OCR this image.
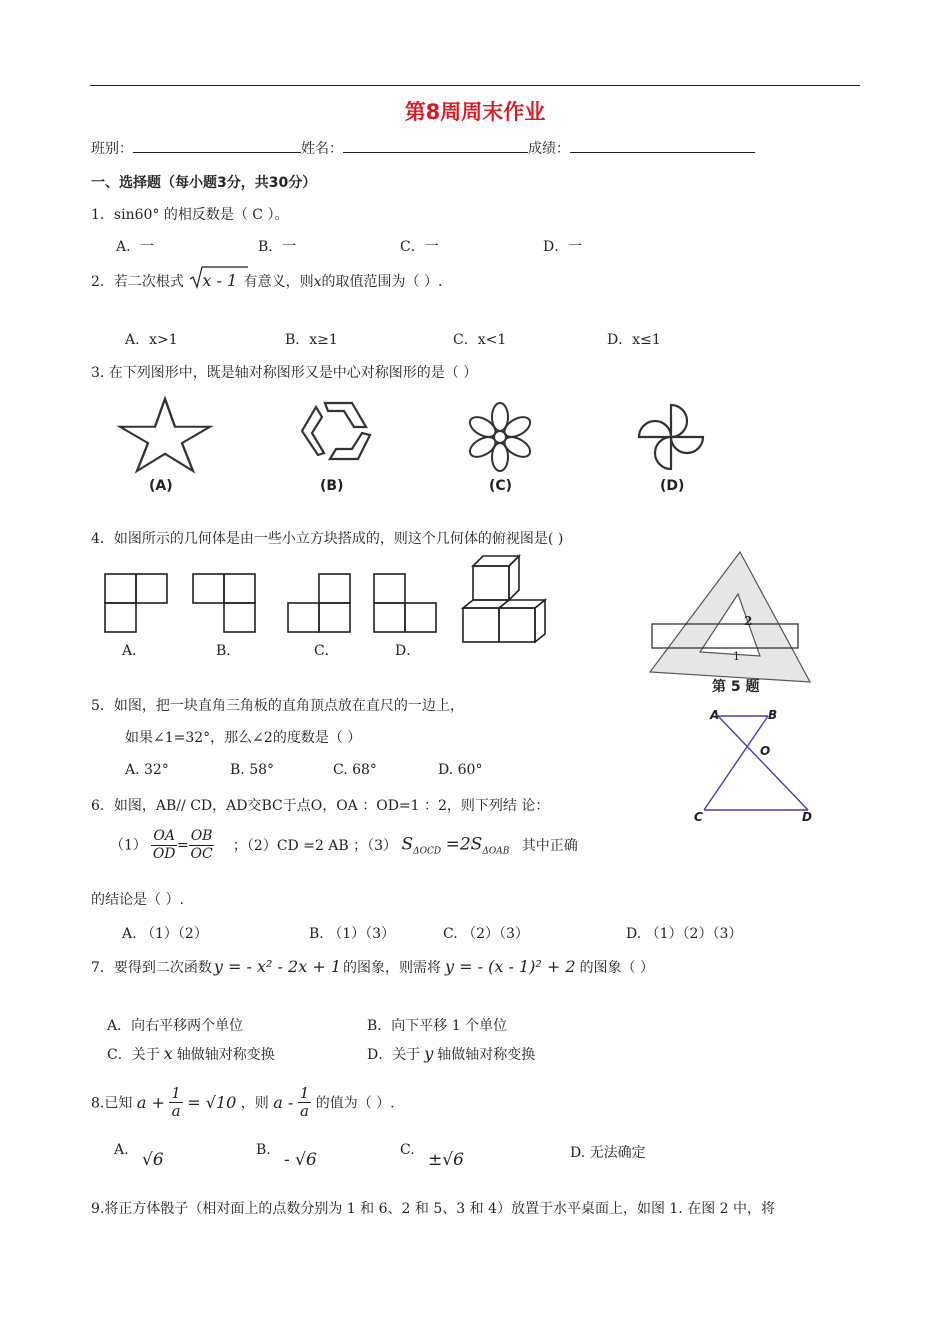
第8周周末作业
班别：	姓名：	成绩：
一、选择题（每小题3分，共30分）
1．sin60° 的相反数是（ C ）。
A．一	B．一	C．一	D．一
2．若二次根式 x - 1 有意义，则x的取值范围为（ ）.
A．x>1	B．x≥1	C．x<1	D．x≤1
3. 在下列图形中，既是轴对称图形又是中心对称图形的是（ ）
(A)	(B)	(C)	(D)
4．如图所示的几何体是由一些小立方块搭成的，则这个几何体的俯视图是( )
A．	B．	C．	D．
2
1
第 5 题
A	B
O
C	D
5．如图，把一块直角三角板的直角顶点放在直尺的一边上，
如果∠1=32°，那么∠2的度数是（ ）
A. 32°	B. 58°	C. 68°	D. 60°
6．如图，AB// CD，AD交BC于点O，OA ：OD=1 ：2，则下列结 论：
$(1) \frac{OA}{OD} = \frac{OB}{OC}$ ；（2）CD =2 AB ；（3） $S_{\Delta OCD} =2S_{\Delta OAB}$ 其中正确
的结论是（ ）.
A. （1）（2）	B. （1）（3）	C. （2）（3）	D. （1）（2）（3）
7．要得到二次函数 y = - x² - 2x + 1 的图象，则需将 y = - (x - 1)² + 2 的图象（ ）
A．向右平移两个单位	B．向下平移 1 个单位
C．关于 x 轴做轴对称变换	D．关于 y 轴做轴对称变换
8.已知 $a + \frac{1}{a} = √10$ ，则 a - $\frac{1}{a}$ 的值为（ ）.
A. √6	B. - √6	C. ±√6	D. 无法确定
9.将正方体骰子（相对面上的点数分别为 1 和 6、2 和 5、3 和 4）放置于水平桌面上，如图 1. 在图 2 中，将
